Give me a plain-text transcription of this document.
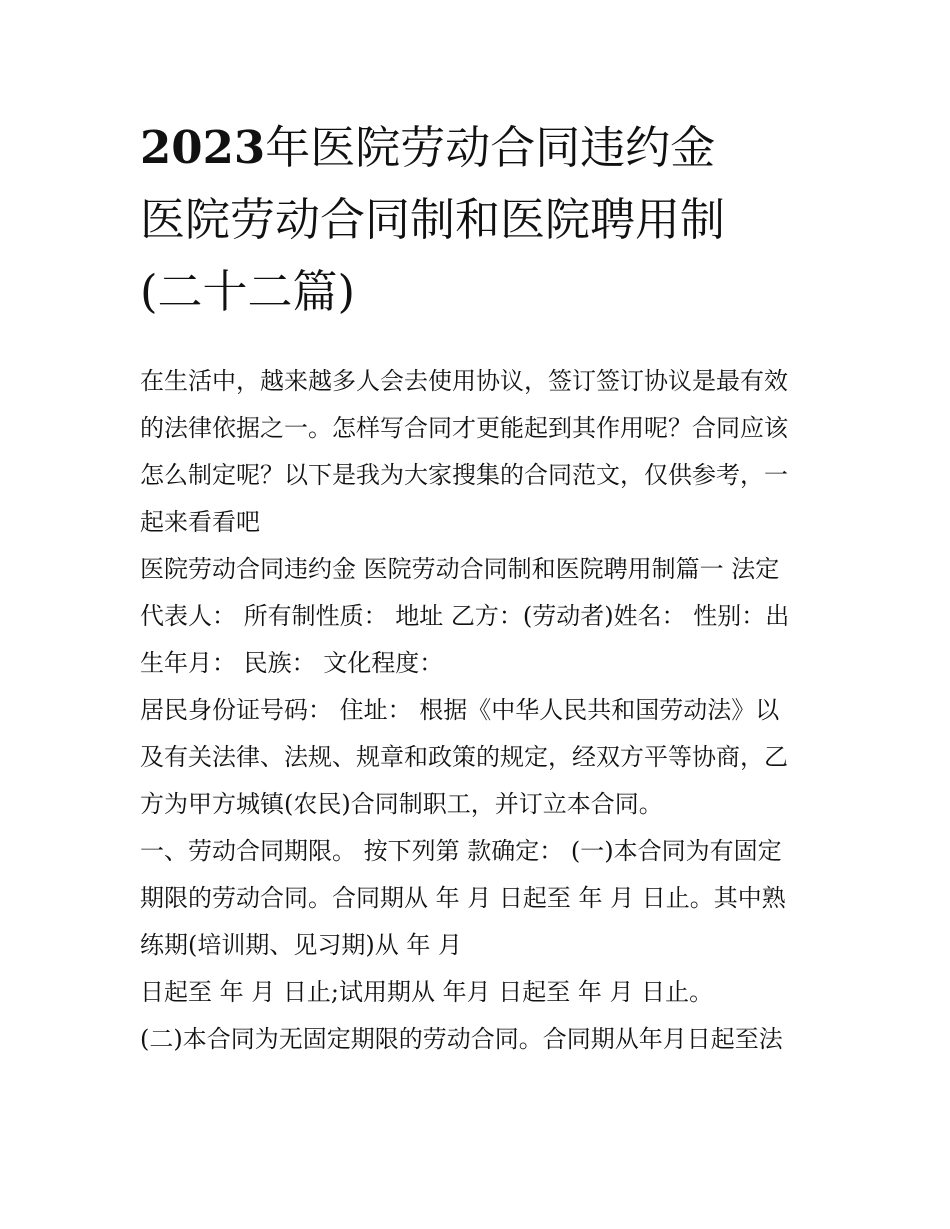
2023年医院劳动合同违约金
医院劳动合同制和医院聘用制
(二十二篇)
在生活中，越来越多人会去使用协议，签订签订协议是最有效
的法律依据之一。怎样写合同才更能起到其作用呢？合同应该
怎么制定呢？以下是我为大家搜集的合同范文，仅供参考，一
起来看看吧
医院劳动合同违约金 医院劳动合同制和医院聘用制篇一 法定
代表人： 所有制性质： 地址 乙方：(劳动者)姓名： 性别：出
生年月： 民族： 文化程度：
居民身份证号码： 住址： 根据《中华人民共和国劳动法》以
及有关法律、法规、规章和政策的规定，经双方平等协商，乙
方为甲方城镇(农民)合同制职工，并订立本合同。
一、劳动合同期限。 按下列第 款确定： (一)本合同为有固定
期限的劳动合同。合同期从 年 月 日起至 年 月 日止。其中熟
练期(培训期、见习期)从 年 月
日起至 年 月 日止;试用期从 年月 日起至 年 月 日止。
(二)本合同为无固定期限的劳动合同。合同期从年月日起至法
